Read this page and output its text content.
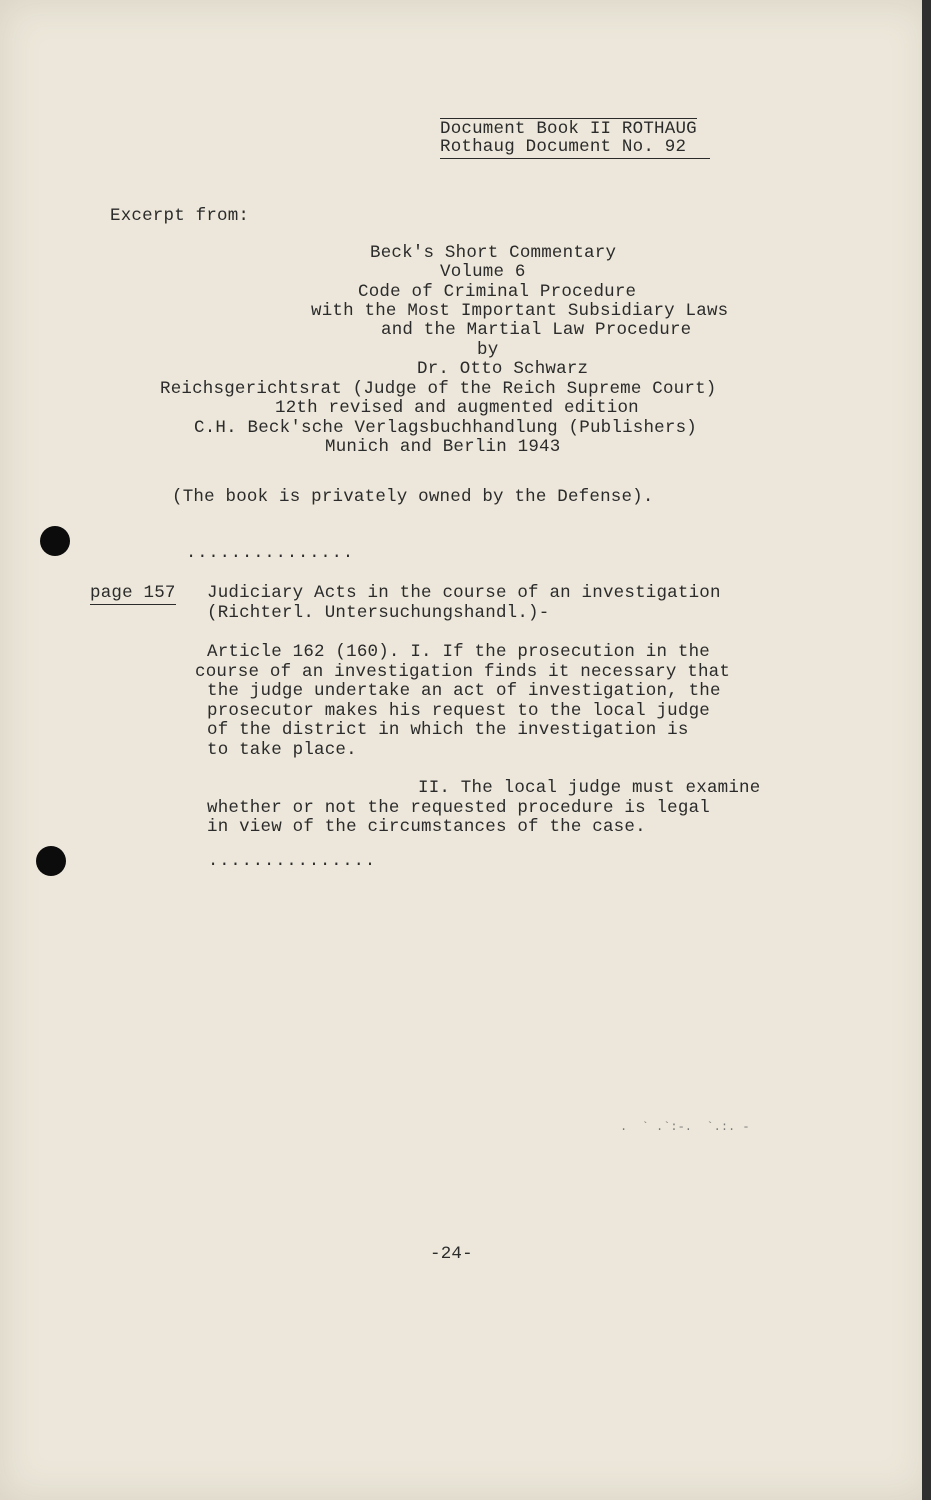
Document Book II ROTHAUG
Rothaug Document No. 92
Excerpt from:
Beck's Short Commentary
Volume 6
Code of Criminal Procedure
with the Most Important Subsidiary Laws
and the Martial Law Procedure
by
Dr. Otto Schwarz
Reichsgerichtsrat (Judge of the Reich Supreme Court)
12th revised and augmented edition
C.H. Beck'sche Verlagsbuchhandlung (Publishers)
Munich and Berlin 1943
(The book is privately owned by the Defense).
...............
page 157 Judiciary Acts in the course of an investigation
(Richterl. Untersuchungshandl.)-
Article 162 (160). I. If the prosecution in the
course of an investigation finds it necessary that
the judge undertake an act of investigation, the
prosecutor makes his request to the local judge
of the district in which the investigation is
to take place.
II. The local judge must examine
whether or not the requested procedure is legal
in view of the circumstances of the case.
...............
.  ` .`:-.  `.:. -
-24-
